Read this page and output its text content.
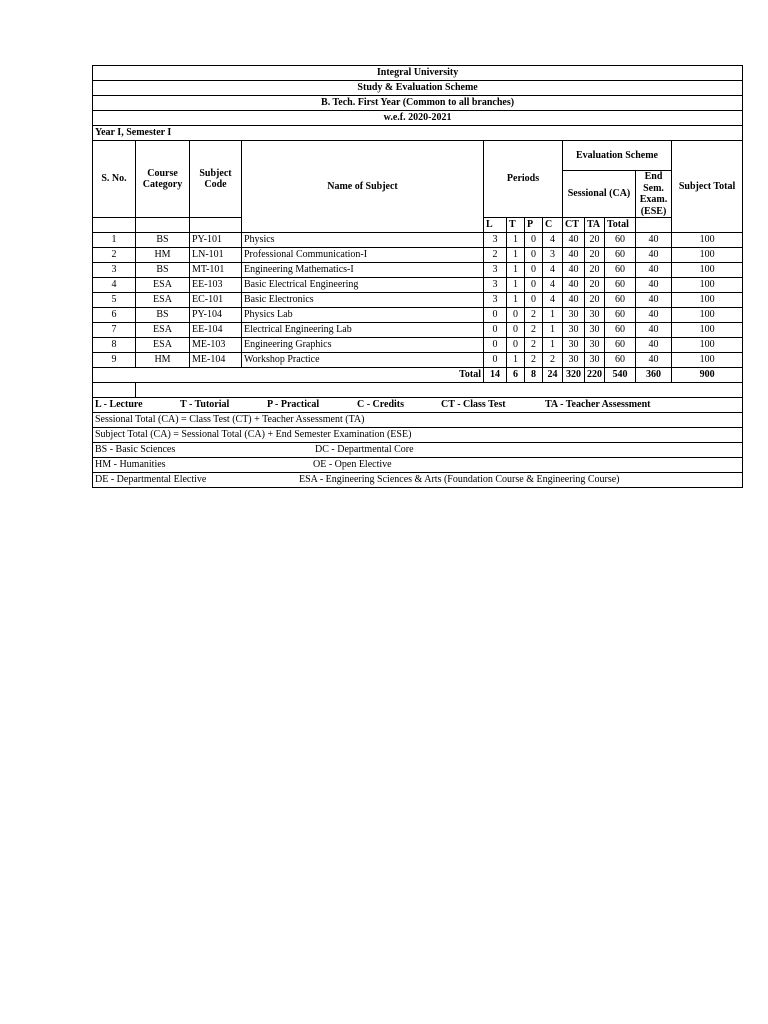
Integral University												
Study & Evaluation Scheme												
B. Tech. First Year (Common to all branches)												
w.e.f. 2020-2021												
Year I, Semester I												
S. No.	Course Category	Subject Code	Name of Subject	Periods				Evaluation Scheme				Subject Total
								Sessional (CA)			End Sem. Exam. (ESE)	

				L	T	P	C	CT	TA	Total		
1	BS	PY-101	Physics	3	1	0	4	40	20	60	40	100
2	HM	LN-101	Professional Communication-I	2	1	0	3	40	20	60	40	100
3	BS	MT-101	Engineering Mathematics-I	3	1	0	4	40	20	60	40	100
4	ESA	EE-103	Basic Electrical Engineering	3	1	0	4	40	20	60	40	100
5	ESA	EC-101	Basic Electronics	3	1	0	4	40	20	60	40	100
6	BS	PY-104	Physics Lab	0	0	2	1	30	30	60	40	100
7	ESA	EE-104	Electrical Engineering Lab	0	0	2	1	30	30	60	40	100
8	ESA	ME-103	Engineering Graphics	0	0	2	1	30	30	60	40	100
9	HM	ME-104	Workshop Practice	0	1	2	2	30	30	60	40	100
Total				14	6	8	24	320	220	540	360	900

L - Lecture T - Tutorial P - Practical C - Credits CT - Class Test TA - Teacher Assessment												
Sessional Total (CA) = Class Test (CT) + Teacher Assessment (TA)												
Subject Total (CA) = Sessional Total (CA) + End Semester Examination (ESE)												
BS - Basic Sciences DC - Departmental Core												
HM - Humanities OE - Open Elective												
DE - Departmental Elective ESA - Engineering Sciences & Arts (Foundation Course & Engineering Course)												
